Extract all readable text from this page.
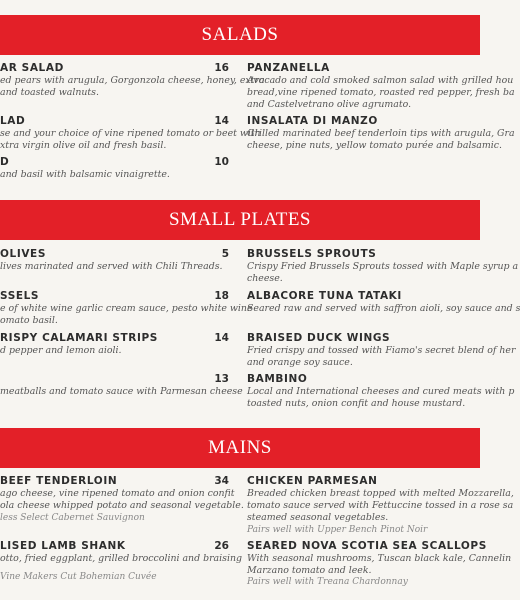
SALADS
AR SALAD	16
ed pears with arugula, Gorgonzola cheese, honey, extra
and toasted walnuts.
LAD	14
se and your choice of vine ripened tomato or beet with
xtra virgin olive oil and fresh basil.
D	10
and basil with balsamic vinaigrette.
PANZANELLA
Avocado and cold smoked salmon salad with grilled hou
bread,vine ripened tomato, roasted red pepper, fresh ba
and Castelvetrano olive agrumato.
INSALATA DI MANZO
Grilled marinated beef tenderloin tips with arugula, Gra
cheese, pine nuts, yellow tomato purée and balsamic.
SMALL PLATES
OLIVES	5
lives marinated and served with Chili Threads.
SSELS	18
e of white wine garlic cream sauce, pesto white wine
omato basil.
RISPY CALAMARI STRIPS	14
d pepper and lemon aioli.
13
meatballs and tomato sauce with Parmesan cheese
BRUSSELS SPROUTS
Crispy Fried Brussels Sprouts tossed with Maple syrup a
cheese.
ALBACORE TUNA TATAKI
Seared raw and served with saffron aioli, soy sauce and s
BRAISED DUCK WINGS
Fried crispy and tossed with Fiamo's secret blend of her
and orange soy sauce.
BAMBINO
Local and International cheeses and cured meats with p
toasted nuts, onion confit and house mustard.
MAINS
BEEF TENDERLOIN	34
ago cheese, vine ripened tomato and onion confit
ola cheese whipped potato and seasonal vegetable.
less Select Cabernet Sauvignon
LISED LAMB SHANK	26
otto, fried eggplant, grilled broccolini and braising
Vine Makers Cut Bohemian Cuvée
CHICKEN PARMESAN
Breaded chicken breast topped with melted Mozzarella,
tomato sauce served with Fettuccine tossed in a rose sa
steamed seasonal vegetables.
Pairs well with Upper Bench Pinot Noir
SEARED NOVA SCOTIA SEA SCALLOPS
With seasonal mushrooms, Tuscan black kale, Cannelin
Marzano tomato and leek.
Pairs well with Treana Chardonnay
